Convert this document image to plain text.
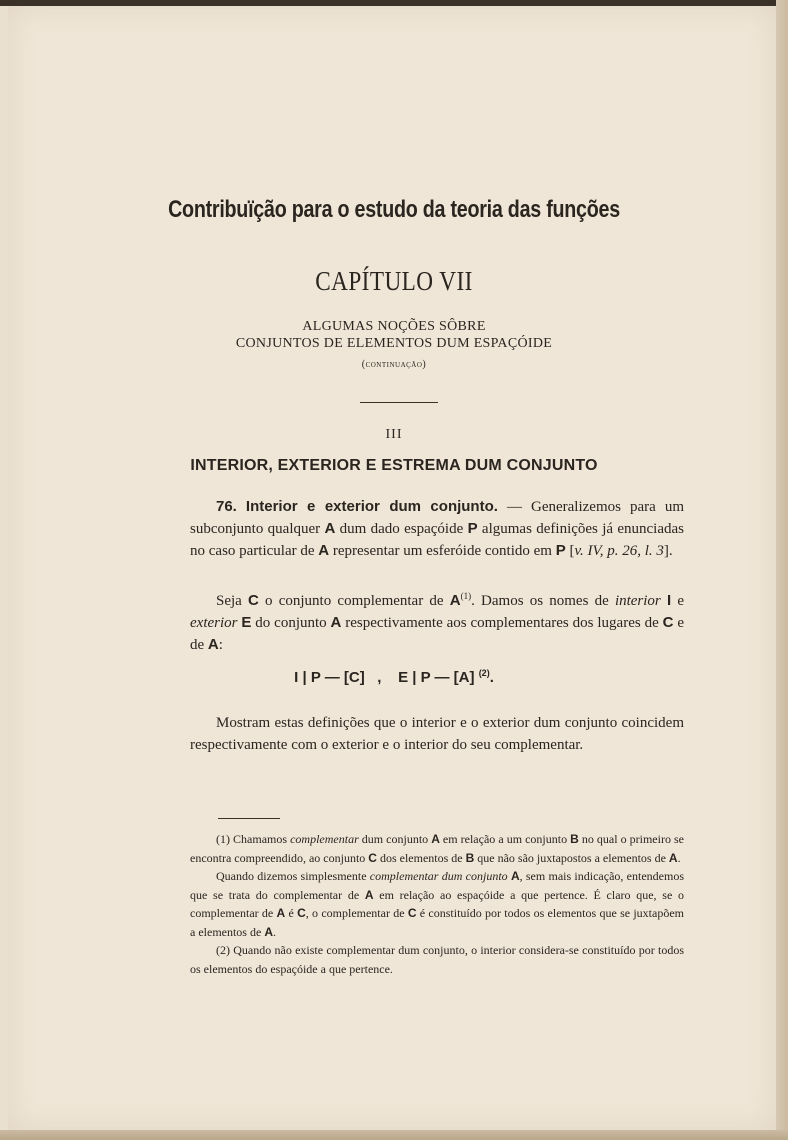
Contribuïção para o estudo da teoria das funções
CAPÍTULO VII
ALGUMAS NOÇÕES SÔBRE
CONJUNTOS DE ELEMENTOS DUM ESPAÇÓIDE
(continuação)
III
INTERIOR, EXTERIOR E ESTREMA DUM CONJUNTO
76. Interior e exterior dum conjunto. — Generalizemos para um subconjunto qualquer A dum dado espaçóide P algumas definições já enunciadas no caso particular de A representar um esferóide contido em P [v. IV, p. 26, l. 3].
Seja C o conjunto complementar de $A^{(1)}$. Damos os nomes de interior I e exterior E do conjunto A respectivamente aos complementares dos lugares de C e de A:
I | P — [C] , E | P — [A] $^{(2)}$.
Mostram estas definições que o interior e o exterior dum conjunto coincidem respectivamente com o exterior e o interior do seu complementar.

(1) Chamamos complementar dum conjunto A em relação a um conjunto B no qual o primeiro se encontra compreendido, ao conjunto C dos elementos de B que não são juxtapostos a elementos de A.

Quando dizemos simplesmente complementar dum conjunto A, sem mais indicação, entendemos que se trata do complementar de A em relação ao espaçóide a que pertence. É claro que, se o complementar de A é C, o complementar de C é constituído por todos os elementos que se juxtapõem a elementos de A.

(2) Quando não existe complementar dum conjunto, o interior considera-se constituído por todos os elementos do espaçóide a que pertence.
